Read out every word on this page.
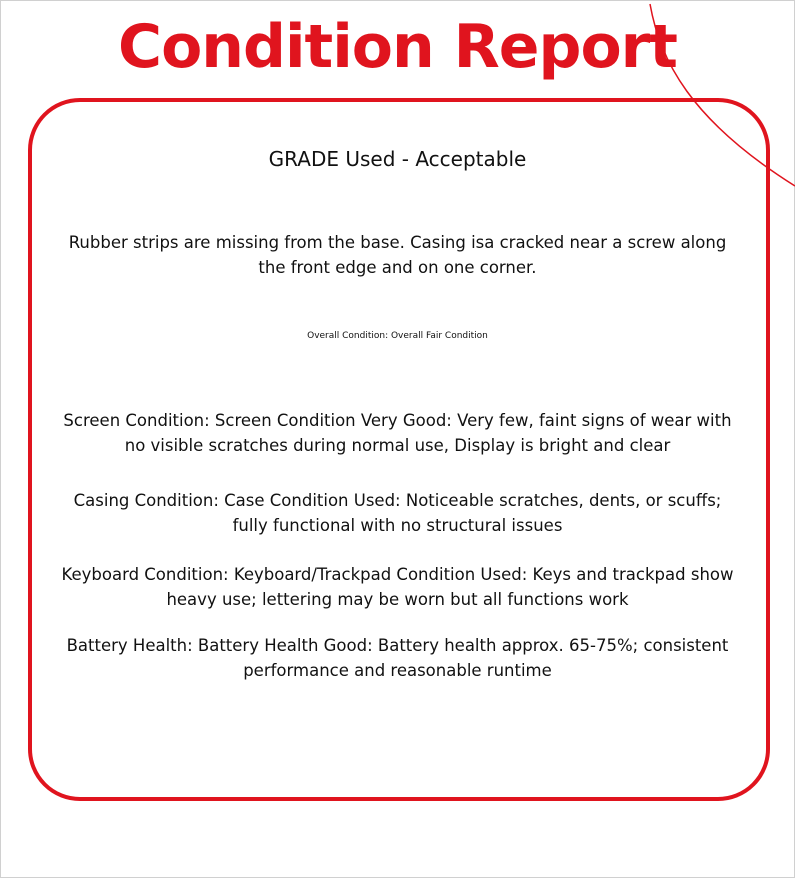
Condition Report

GRADE Used - Acceptable

Rubber strips are missing from the base. Casing isa cracked near a screw along the front edge and on one corner.

Overall Condition: Overall Fair Condition

Screen Condition: Screen Condition Very Good: Very few, faint signs of wear with no visible scratches during normal use, Display is bright and clear

Casing Condition: Case Condition Used: Noticeable scratches, dents, or scuffs; fully functional with no structural issues

Keyboard Condition: Keyboard/Trackpad Condition Used: Keys and trackpad show heavy use; lettering may be worn but all functions work

Battery Health: Battery Health Good: Battery health approx. 65-75%; consistent performance and reasonable runtime
